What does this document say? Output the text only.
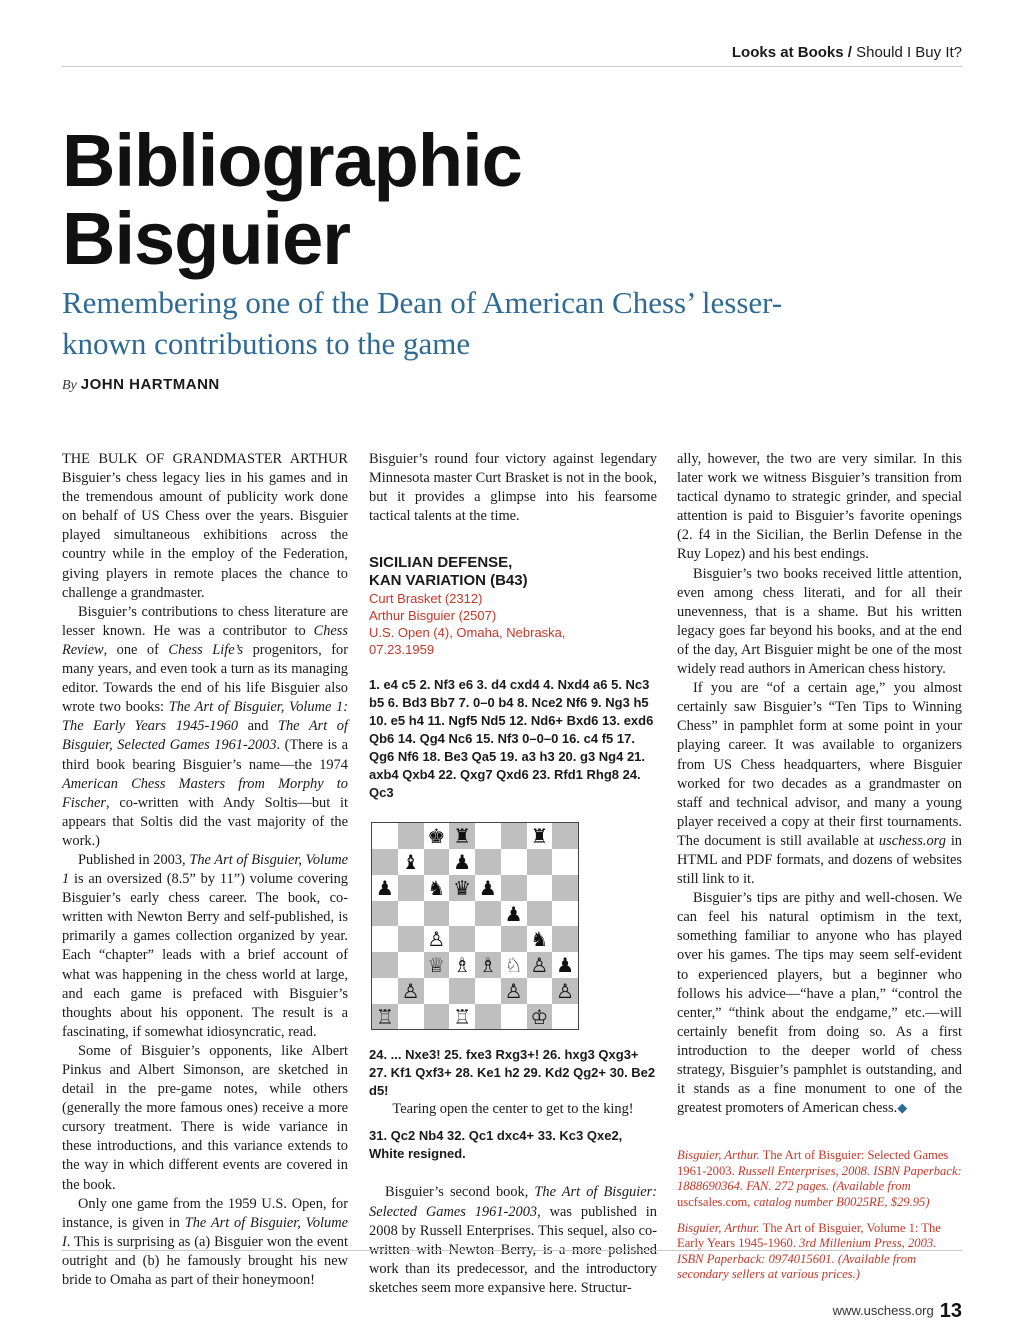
Looks at Books / Should I Buy It?
Bibliographic
Bisguier

Remembering one of the Dean of American Chess’ lesser-known contributions to the game

By JOHN HARTMANN

THE BULK OF GRANDMASTER ARTHUR Bisguier’s chess legacy lies in his games and in the tremendous amount of publicity work done on behalf of US Chess over the years. Bisguier played simultaneous exhibitions across the country while in the employ of the Federation, giving players in remote places the chance to challenge a grandmaster.

Bisguier’s contributions to chess literature are lesser known. He was a contributor to Chess Review, one of Chess Life’s progenitors, for many years, and even took a turn as its managing editor. Towards the end of his life Bisguier also wrote two books: The Art of Bisguier, Volume 1: The Early Years 1945-1960 and The Art of Bisguier, Selected Games 1961-2003. (There is a third book bearing Bisguier’s name—the 1974 American Chess Masters from Morphy to Fischer, co-written with Andy Soltis—but it appears that Soltis did the vast majority of the work.)

Published in 2003, The Art of Bisguier, Volume 1 is an oversized (8.5” by 11”) volume covering Bisguier’s early chess career. The book, co-written with Newton Berry and self-published, is primarily a games collection organized by year. Each “chapter” leads with a brief account of what was happening in the chess world at large, and each game is prefaced with Bisguier’s thoughts about his opponent. The result is a fascinating, if somewhat idiosyncratic, read.

Some of Bisguier’s opponents, like Albert Pinkus and Albert Simonson, are sketched in detail in the pre-game notes, while others (generally the more famous ones) receive a more cursory treatment. There is wide variance in these introductions, and this variance extends to the way in which different events are covered in the book.

Only one game from the 1959 U.S. Open, for instance, is given in The Art of Bisguier, Volume I. This is surprising as (a) Bisguier won the event outright and (b) he famously brought his new bride to Omaha as part of their honeymoon!

Bisguier’s round four victory against legendary Minnesota master Curt Brasket is not in the book, but it provides a glimpse into his fearsome tactical talents at the time.

SICILIAN DEFENSE,
KAN VARIATION (B43)
Curt Brasket (2312)
Arthur Bisguier (2507)
U.S. Open (4), Omaha, Nebraska,
07.23.1959
1. e4 c5 2. Nf3 e6 3. d4 cxd4 4. Nxd4 a6 5. Nc3 b5 6. Bd3 Bb7 7. 0–0 b4 8. Nce2 Nf6 9. Ng3 h5 10. e5 h4 11. Ngf5 Nd5 12. Nd6+ Bxd6 13. exd6 Qb6 14. Qg4 Nc6 15. Nf3 0–0–0 16. c4 f5 17. Qg6 Nf6 18. Be3 Qa5 19. a3 h3 20. g3 Ng4 21. axb4 Qxb4 22. Qxg7 Qxd6 23. Rfd1 Rhg8 24. Qc3
♚ ♜	♜
♝ ♟
♟ ♞ ♛ ♟
♟
♙	♞
♕ ♗ ♗ ♘ ♙ ♟
♙	♙ ♙
♖	♖	♔
24. ... Nxe3! 25. fxe3 Rxg3+! 26. hxg3 Qxg3+ 27. Kf1 Qxf3+ 28. Ke1 h2 29. Kd2 Qg2+ 30. Be2 d5!

Tearing open the center to get to the king!

31. Qc2 Nb4 32. Qc1 dxc4+ 33. Kc3 Qxe2, White resigned.

Bisguier’s second book, The Art of Bisguier: Selected Games 1961-2003, was published in 2008 by Russell Enterprises. This sequel, also co-written with Newton Berry, is a more polished work than its predecessor, and the introductory sketches seem more expansive here. Structur-

ally, however, the two are very similar. In this later work we witness Bisguier’s transition from tactical dynamo to strategic grinder, and special attention is paid to Bisguier’s favorite openings (2. f4 in the Sicilian, the Berlin Defense in the Ruy Lopez) and his best endings.

Bisguier’s two books received little attention, even among chess literati, and for all their unevenness, that is a shame. But his written legacy goes far beyond his books, and at the end of the day, Art Bisguier might be one of the most widely read authors in American chess history.

If you are “of a certain age,” you almost certainly saw Bisguier’s “Ten Tips to Winning Chess” in pamphlet form at some point in your playing career. It was available to organizers from US Chess headquarters, where Bisguier worked for two decades as a grandmaster on staff and technical advisor, and many a young player received a copy at their first tournaments. The document is still available at uschess.org in HTML and PDF formats, and dozens of websites still link to it.

Bisguier’s tips are pithy and well-chosen. We can feel his natural optimism in the text, something familiar to anyone who has played over his games. The tips may seem self-evident to experienced players, but a beginner who follows his advice—“have a plan,” “control the center,” “think about the endgame,” etc.—will certainly benefit from doing so. As a first introduction to the deeper world of chess strategy, Bisguier’s pamphlet is outstanding, and it stands as a fine monument to one of the greatest promoters of American chess.◆

Bisguier, Arthur. The Art of Bisguier: Selected Games 1961-2003. Russell Enterprises, 2008. ISBN Paperback: 1888690364. FAN. 272 pages. (Available from uscfsales.com, catalog number B0025RE, $29.95)

Bisguier, Arthur. The Art of Bisguier, Volume 1: The Early Years 1945-1960. 3rd Millenium Press, 2003. ISBN Paperback: 0974015601. (Available from secondary sellers at various prices.)

www.uschess.org 13
